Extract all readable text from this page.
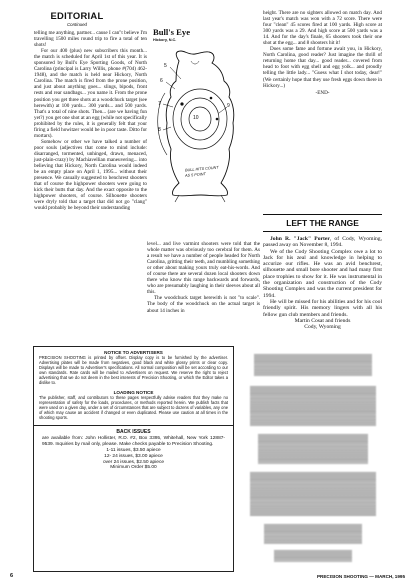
EDITORIAL
Continued

telling me anything, partner... cause I can"t believe I'm travelling 1500 miles round trip to fire a total of ten shots!

For our 400 (plus) new subscribers this month... the match is scheduled for April 1st of this year. It is sponsored by Bull's Eye Sporting Goods, of North Carolina (principal is Larry Willis, phone #(704) 462-1948), and the match is held near Hickory, North Carolina. The match is fired from the prone position, and just about anything goes... slings, bipods, front rests and rear sandbags... you name it. From the prone position you get three shots at a woodchuck target (see herewith) at 100 yards... 300 yards... and 500 yards. That's a total of nine shots. Then... (are we having fun yet?) you get one shot at an egg (while not specifically prohibited by the rules, it is generally felt that your firing a field howitzer would be in poor taste. Ditto for mortars).

Somehow or other we have talked a number of poor souls (adjectives that come to mind include: disarranged, tormented, unhinged, drawn, menaced, just-plain-crazy) by Machiavellian maneuvering... into believing that Hickory, North Carolina would indeed be an empty place on April 1, 1995... without their presence. We casually suggested to benchrest shooters that of course the highpower shooters were going to kick their butts that day. And the exact opposite to the highpower shooters, of course. Silhouette shooters were dryly told that a target that did not go "clang" would probably be beyond their understanding

Bull's Eye
Hickory, N.C.
5
6
7
8
9
10
BULL HITS COUNT
AS 5 POINT

level... and live varmint shooters were told that the whole matter was obviously too cerebral for them. As a result we have a number of people headed for North Carolina, gritting their teeth, and mumbling something or other about making yours truly eat-his-words. And of course there are several dozen local shooters down there who know this range backwards and forwards, who are presumably laughing in their sleeves about all this.

The woodchuck target herewith is not "to scale". The body of the woodchuck on the actual target is about 14 inches in

height. There are no sighters allowed on match day. And last year's match was won with a 72 score. There were four "clean" 45 scores fired at 100 yards. High score at 300 yards was a 29. And high score at 500 yards was a 14. And for the day's finale, 65 shooters took their one shot at the egg... and 8 shooters hit it!

Does some fame and fortune await you, in Hickory, North Carolina, good reader? Just imagine the thrill of returning home that day... good reader... covered from head to foot with egg shell and egg yolk... and proudly telling the little lady... "Guess what I shot today, dear!" (We certainly hope that they use fresh eggs down there in Hickory...)

-END-

LEFT THE RANGE

John R. "Jack" Porter, of Cody, Wyoming, passed away on November 8, 1994.

We of the Cody Shooting Complex owe a lot to Jack for his zeal and knowledge in helping to accurize our rifles. He was an avid benchrest, silhouette and small bore shooter and had many first place trophies to show for it. He was instrumental in the organization and construction of the Cody Shooting Complex and was the current president for 1994.

He will be missed for his abilities and for his cool friendly spirit. His memory lingers with all his fellow gun club members and friends.

Martin Cosat and friends

Cody, Wyoming

NOTICE TO ADVERTISERS
PRECISION SHOOTING is printed by offset. Display copy is to be furnished by the advertiser. Advertising plates will be made from negatives, good black and white glossy prints or clear copy. Displays will be made to Advertiser's specifications. All normal composition will be set according to our own standards. Rate cards will be mailed to Advertisers on request. We reserve the right to reject advertising that we do not deem in the best interests of Precision Shooting, or which the Editor takes a dislike to.
LOADING NOTICE
The publisher, staff, and contributors to these pages respectfully advise readers that they make no representation of safety for the loads, procedures, or methods reported herein. We publish facts that were used on a given day, under a set of circumstances that are subject to dozens of variables, any one of which may cause an accident if changed or even duplicated. Please use caution at all times in the shooting sports.
BACK ISSUES
are available from: John Hollister, R.D. #2, Box 3395, Whitehall, New York 12887-9539. Inquiries by mail only, please. Make checks payable to Precision Shooting.
1-11 issues, $3.50 apiece
12- 24 issues, $3.00 apiece
over 24 issues, $2.50 apiece
Minimum Order $5.00
6	PRECISION SHOOTING — MARCH, 1995
